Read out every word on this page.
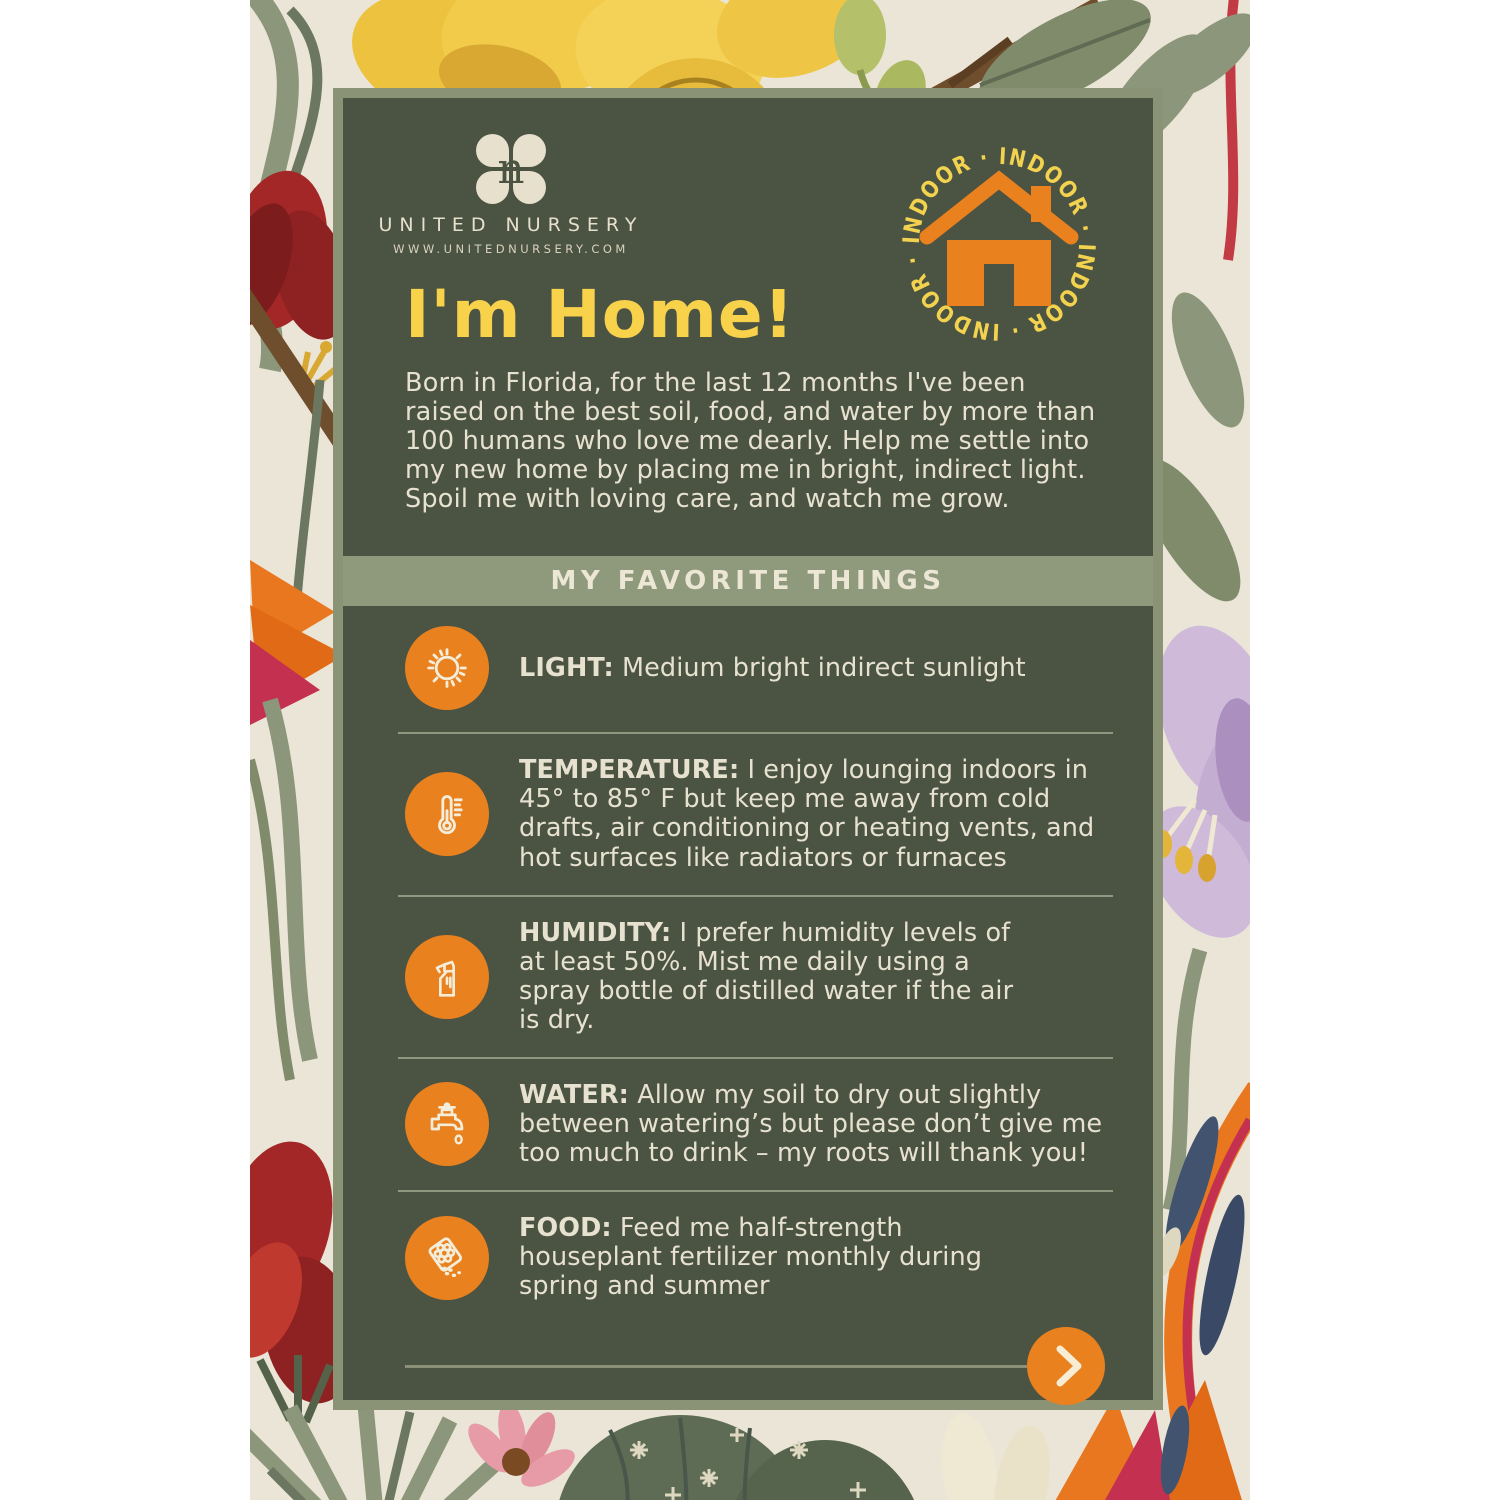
n
UNITED NURSERY
WWW.UNITEDNURSERY.COM
INDOOR · INDOOR · INDOOR · INDOOR ·
I'm Home!
Born in Florida, for the last 12 months I've been raised on the best soil, food, and water by more than 100 humans who love me dearly. Help me settle into my new home by placing me in bright, indirect light. Spoil me with loving care, and watch me grow.
MY FAVORITE THINGS
LIGHT: Medium bright indirect sunlight
TEMPERATURE: I enjoy lounging indoors in 45° to 85° F but keep me away from cold drafts, air conditioning or heating vents, and hot surfaces like radiators or furnaces
HUMIDITY: I prefer humidity levels of at least 50%. Mist me daily using a spray bottle of distilled water if the air is dry.
WATER: Allow my soil to dry out slightly between watering’s but please don’t give me too much to drink – my roots will thank you!
FOOD: Feed me half-strength houseplant fertilizer monthly during spring and summer
